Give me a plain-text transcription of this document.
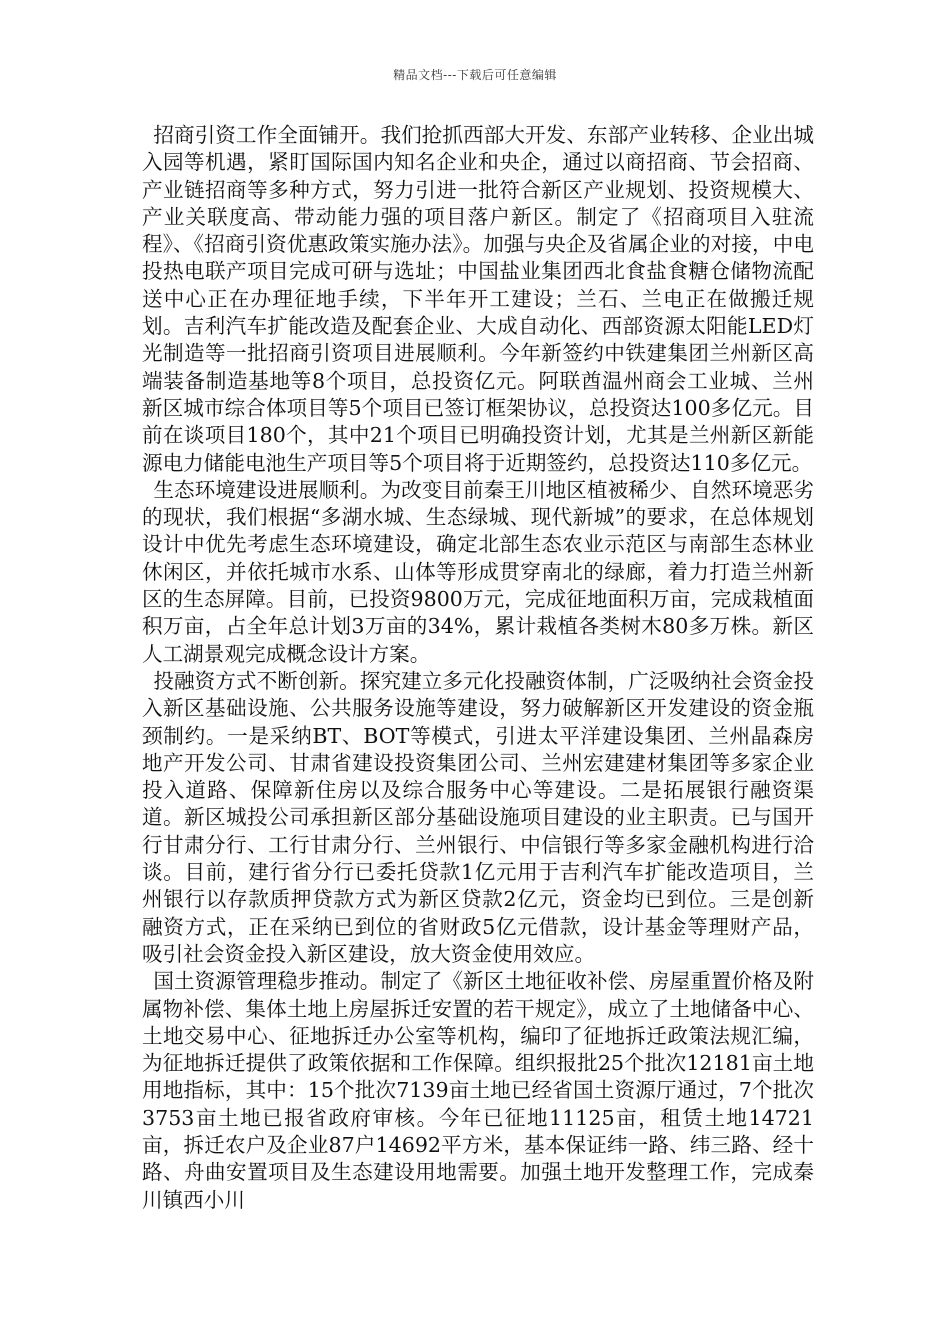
精品文档---下载后可任意编辑

招商引资工作全面铺开。我们抢抓西部大开发、东部产业转移、企业出城入园等机遇，紧盯国际国内知名企业和央企，通过以商招商、节会招商、产业链招商等多种方式，努力引进一批符合新区产业规划、投资规模大、产业关联度高、带动能力强的项目落户新区。制定了《招商项目入驻流程》、《招商引资优惠政策实施办法》。加强与央企及省属企业的对接，中电投热电联产项目完成可研与选址；中国盐业集团西北食盐食糖仓储物流配送中心正在办理征地手续，下半年开工建设；兰石、兰电正在做搬迁规划。吉利汽车扩能改造及配套企业、大成自动化、西部资源太阳能LED灯光制造等一批招商引资项目进展顺利。今年新签约中铁建集团兰州新区高端装备制造基地等8个项目，总投资亿元。阿联酋温州商会工业城、兰州新区城市综合体项目等5个项目已签订框架协议，总投资达100多亿元。目前在谈项目180个，其中21个项目已明确投资计划，尤其是兰州新区新能源电力储能电池生产项目等5个项目将于近期签约，总投资达110多亿元。

生态环境建设进展顺利。为改变目前秦王川地区植被稀少、自然环境恶劣的现状，我们根据“多湖水城、生态绿城、现代新城”的要求，在总体规划设计中优先考虑生态环境建设，确定北部生态农业示范区与南部生态林业休闲区，并依托城市水系、山体等形成贯穿南北的绿廊，着力打造兰州新区的生态屏障。目前，已投资9800万元，完成征地面积万亩，完成栽植面积万亩，占全年总计划3万亩的34%，累计栽植各类树木80多万株。新区人工湖景观完成概念设计方案。

投融资方式不断创新。探究建立多元化投融资体制，广泛吸纳社会资金投入新区基础设施、公共服务设施等建设，努力破解新区开发建设的资金瓶颈制约。一是采纳BT、BOT等模式，引进太平洋建设集团、兰州晶森房地产开发公司、甘肃省建设投资集团公司、兰州宏建建材集团等多家企业投入道路、保障新住房以及综合服务中心等建设。二是拓展银行融资渠道。新区城投公司承担新区部分基础设施项目建设的业主职责。已与国开行甘肃分行、工行甘肃分行、兰州银行、中信银行等多家金融机构进行洽谈。目前，建行省分行已委托贷款1亿元用于吉利汽车扩能改造项目，兰州银行以存款质押贷款方式为新区贷款2亿元，资金均已到位。三是创新融资方式，正在采纳已到位的省财政5亿元借款，设计基金等理财产品，吸引社会资金投入新区建设，放大资金使用效应。

国土资源管理稳步推动。制定了《新区土地征收补偿、房屋重置价格及附属物补偿、集体土地上房屋拆迁安置的若干规定》，成立了土地储备中心、土地交易中心、征地拆迁办公室等机构，编印了征地拆迁政策法规汇编，为征地拆迁提供了政策依据和工作保障。组织报批25个批次12181亩土地用地指标，其中：15个批次7139亩土地已经省国土资源厅通过，7个批次3753亩土地已报省政府审核。今年已征地11125亩，租赁土地14721亩，拆迁农户及企业87户14692平方米，基本保证纬一路、纬三路、经十路、舟曲安置项目及生态建设用地需要。加强土地开发整理工作，完成秦川镇西小川
